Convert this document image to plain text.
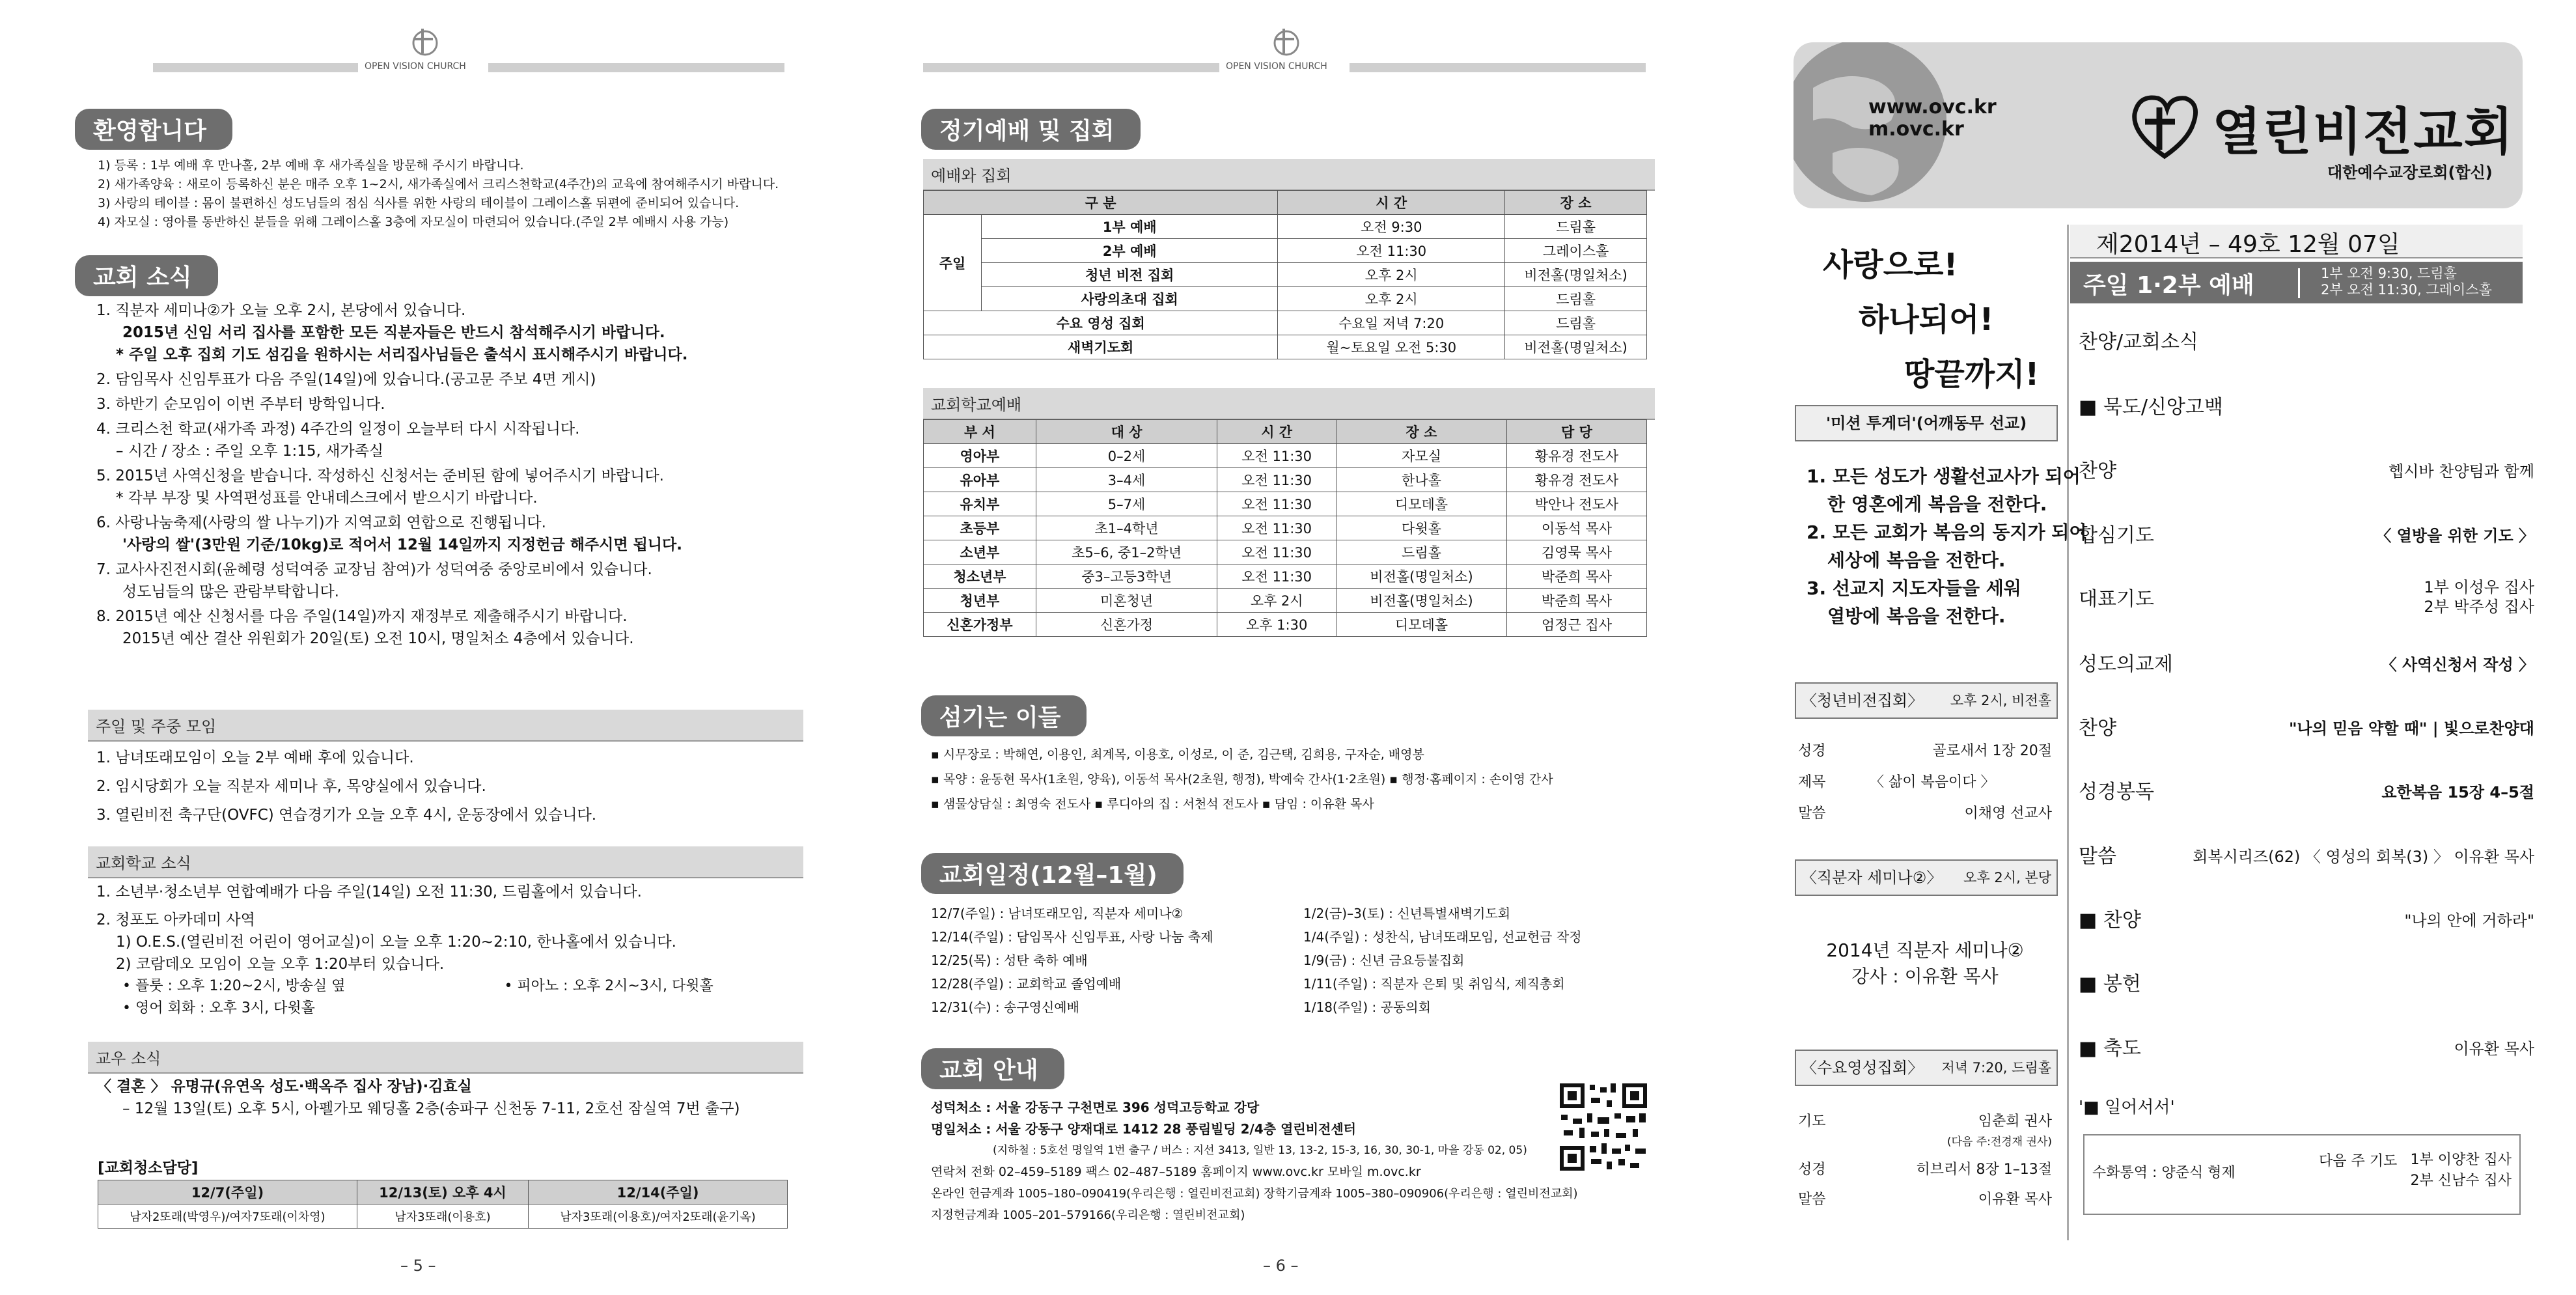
OPEN VISION CHURCH
환영합니다
1) 등록 : 1부 예배 후 만나홀, 2부 예배 후 새가족실을 방문해 주시기 바랍니다.
2) 새가족양육 : 새로이 등록하신 분은 매주 오후 1~2시, 새가족실에서 크리스천학교(4주간)의 교육에 참여해주시기 바랍니다.
3) 사랑의 테이블 : 몸이 불편하신 성도님들의 점심 식사를 위한 사랑의 테이블이 그레이스홀 뒤편에 준비되어 있습니다.
4) 자모실 : 영아를 동반하신 분들을 위해 그레이스홀 3층에 자모실이 마련되어 있습니다.(주일 2부 예배시 사용 가능)
교회 소식
1. 직분자 세미나②가 오늘 오후 2시, 본당에서 있습니다.
2015년 신임 서리 집사를 포함한 모든 직분자들은 반드시 참석해주시기 바랍니다.
* 주일 오후 집회 기도 섬김을 원하시는 서리집사님들은 출석시 표시해주시기 바랍니다.
2. 담임목사 신임투표가 다음 주일(14일)에 있습니다.(공고문 주보 4면 게시)
3. 하반기 순모임이 이번 주부터 방학입니다.
4. 크리스천 학교(새가족 과정) 4주간의 일정이 오늘부터 다시 시작됩니다.
– 시간 / 장소 : 주일 오후 1:15, 새가족실
5. 2015년 사역신청을 받습니다. 작성하신 신청서는 준비된 함에 넣어주시기 바랍니다.
* 각부 부장 및 사역편성표를 안내데스크에서 받으시기 바랍니다.
6. 사랑나눔축제(사랑의 쌀 나누기)가 지역교회 연합으로 진행됩니다.
'사랑의 쌀'(3만원 기준/10kg)로 적어서 12월 14일까지 지정헌금 해주시면 됩니다.
7. 교사사진전시회(윤혜령 성덕여중 교장님 참여)가 성덕여중 중앙로비에서 있습니다.
성도님들의 많은 관람부탁합니다.
8. 2015년 예산 신청서를 다음 주일(14일)까지 재정부로 제출해주시기 바랍니다.
2015년 예산 결산 위원회가 20일(토) 오전 10시, 명일처소 4층에서 있습니다.
주일 및 주중 모임
1. 남녀또래모임이 오늘 2부 예배 후에 있습니다.
2. 임시당회가 오늘 직분자 세미나 후, 목양실에서 있습니다.
3. 열린비전 축구단(OVFC) 연습경기가 오늘 오후 4시, 운동장에서 있습니다.
교회학교 소식
1. 소년부·청소년부 연합예배가 다음 주일(14일) 오전 11:30, 드림홀에서 있습니다.
2. 청포도 아카데미 사역
1) O.E.S.(열린비전 어린이 영어교실)이 오늘 오후 1:20~2:10, 한나홀에서 있습니다.
2) 코람데오 모임이 오늘 오후 1:20부터 있습니다.
• 플룻 : 오후 1:20~2시, 방송실 옆	• 피아노 : 오후 2시~3시, 다윗홀
• 영어 회화 : 오후 3시, 다윗홀
교우 소식
〈 결혼 〉 유명규(유연옥 성도·백옥주 집사 장남)·김효실
– 12월 13일(토) 오후 5시, 아펠가모 웨딩홀 2층(송파구 신천동 7-11, 2호선 잠실역 7번 출구)
[교회청소담당]
12/7(주일)	12/13(토) 오후 4시	12/14(주일)
남자2또래(박영우)/여자7또래(이차영)	남자3또래(이용호)	남자3또래(이용호)/여자2또래(윤기옥)
– 5 –
OPEN VISION CHURCH
정기예배 및 집회
예배와 집회
구 분		시 간	장 소
주일	1부 예배	오전 9:30	드림홀
	2부 예배	오전 11:30	그레이스홀
	청년 비전 집회	오후 2시	비전홀(명일처소)
	사랑의초대 집회	오후 2시	드림홀
수요 영성 집회		수요일 저녁 7:20	드림홀
새벽기도회		월~토요일 오전 5:30	비전홀(명일처소)
교회학교예배
부 서	대 상	시 간	장 소	담 당
영아부	0–2세	오전 11:30	자모실	황유경 전도사
유아부	3–4세	오전 11:30	한나홀	황유경 전도사
유치부	5–7세	오전 11:30	디모데홀	박안나 전도사
초등부	초1–4학년	오전 11:30	다윗홀	이동석 목사
소년부	초5–6, 중1–2학년	오전 11:30	드림홀	김영묵 목사
청소년부	중3–고등3학년	오전 11:30	비전홀(명일처소)	박준희 목사
청년부	미혼청년	오후 2시	비전홀(명일처소)	박준희 목사
신혼가정부	신혼가정	오후 1:30	디모데홀	엄정근 집사
섬기는 이들
▪ 시무장로 : 박해연, 이용인, 최계목, 이용호, 이성로, 이 준, 김근택, 김희용, 구자순, 배영봉
▪ 목양 : 윤동현 목사(1초원, 양육), 이동석 목사(2초원, 행정), 박예숙 간사(1·2초원) ▪ 행정·홈페이지 : 손이영 간사
▪ 샘물상담실 : 최영숙 전도사 ▪ 루디아의 집 : 서천석 전도사 ▪ 담임 : 이유환 목사
교회일정(12월–1월)
12/7(주일) : 남녀또래모임, 직분자 세미나②
12/14(주일) : 담임목사 신임투표, 사랑 나눔 축제
12/25(목) : 성탄 축하 예배
12/28(주일) : 교회학교 졸업예배
12/31(수) : 송구영신예배
1/2(금)–3(토) : 신년특별새벽기도회
1/4(주일) : 성찬식, 남녀또래모임, 선교헌금 작정
1/9(금) : 신년 금요등불집회
1/11(주일) : 직분자 은퇴 및 취임식, 제직총회
1/18(주일) : 공동의회
교회 안내
성덕처소 : 서울 강동구 구천면로 396 성덕고등학교 강당
명일처소 : 서울 강동구 양재대로 1412 28 풍림빌딩 2/4층 열린비전센터
(지하철 : 5호선 명일역 1번 출구 / 버스 : 지선 3413, 일반 13, 13-2, 15-3, 16, 30, 30-1, 마을 강동 02, 05)
연락처 전화 02–459–5189 팩스 02–487–5189 홈페이지 www.ovc.kr 모바일 m.ovc.kr
온라인 헌금계좌 1005–180–090419(우리은행 : 열린비전교회) 장학기금계좌 1005–380–090906(우리은행 : 열린비전교회)
지정헌금계좌 1005–201–579166(우리은행 : 열린비전교회)
– 6 –
www.ovc.kr
m.ovc.kr	열린비전교회
대한예수교장로회(합신)
사랑으로!
하나되어!
땅끝까지!
'미션 투게더'(어깨동무 선교)
1. 모든 성도가 생활선교사가 되어
한 영혼에게 복음을 전한다.
2. 모든 교회가 복음의 동지가 되어
세상에 복음을 전한다.
3. 선교지 지도자들을 세워
열방에 복음을 전한다.
〈청년비전집회〉 오후 2시, 비전홀
성경	골로새서 1장 20절
제목	〈 삶이 복음이다 〉
말씀	이채영 선교사
〈직분자 세미나②〉 오후 2시, 본당
2014년 직분자 세미나②
강사 : 이유환 목사
〈수요영성집회〉 저녁 7:20, 드림홀
기도	임춘희 권사
(다음 주:전경재 권사)
성경	히브리서 8장 1–13절
말씀	이유환 목사
제2014년 – 49호 12월 07일
주일 1·2부 예배	1부 오전 9:30, 드림홀
2부 오전 11:30, 그레이스홀
찬양/교회소식
■ 묵도/신앙고백
찬양	헵시바 찬양팀과 함께
합심기도	〈 열방을 위한 기도 〉
대표기도
1부 이성우 집사
2부 박주성 집사
성도의교제	〈 사역신청서 작성 〉
찬양	"나의 믿음 약할 때" | 빛으로찬양대
성경봉독	요한복음 15장 4–5절
말씀	회복시리즈(62) 〈 영성의 회복(3) 〉 이유환 목사
■ 찬양	"나의 안에 거하라"
■ 봉헌
■ 축도	이유환 목사
'■ 일어서서'
수화통역 : 양준식 형제
다음 주 기도 1부 이양찬 집사
2부 신남수 집사
